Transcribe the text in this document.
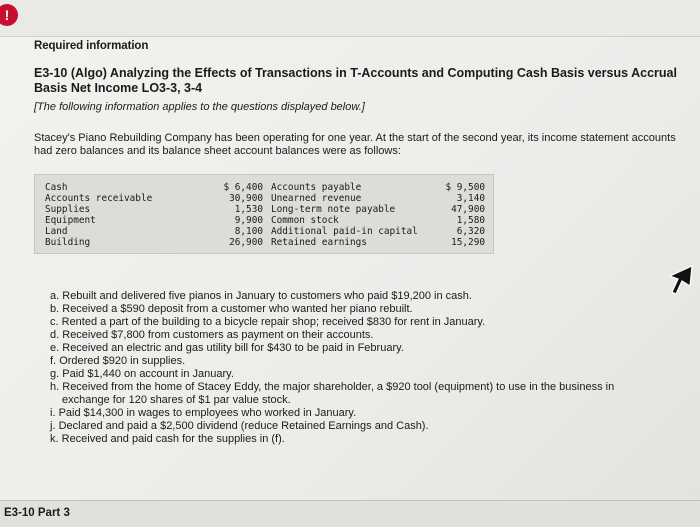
!
Required information
E3-10 (Algo) Analyzing the Effects of Transactions in T-Accounts and Computing Cash Basis versus Accrual Basis Net Income LO3-3, 3-4
[The following information applies to the questions displayed below.]
Stacey's Piano Rebuilding Company has been operating for one year. At the start of the second year, its income statement accounts had zero balances and its balance sheet account balances were as follows:
Cash
Accounts receivable
Supplies
Equipment
Land
Building
$ 6,400
30,900
1,530
9,900
8,100
26,900
Accounts payable
Unearned revenue
Long-term note payable
Common stock
Additional paid-in capital
Retained earnings
$ 9,500
3,140
47,900
1,580
6,320
15,290
a. Rebuilt and delivered five pianos in January to customers who paid $19,200 in cash.
b. Received a $590 deposit from a customer who wanted her piano rebuilt.
c. Rented a part of the building to a bicycle repair shop; received $830 for rent in January.
d. Received $7,800 from customers as payment on their accounts.
e. Received an electric and gas utility bill for $430 to be paid in February.
f. Ordered $920 in supplies.
g. Paid $1,440 on account in January.
h. Received from the home of Stacey Eddy, the major shareholder, a $920 tool (equipment) to use in the business in
exchange for 120 shares of $1 par value stock.
i. Paid $14,300 in wages to employees who worked in January.
j. Declared and paid a $2,500 dividend (reduce Retained Earnings and Cash).
k. Received and paid cash for the supplies in (f).
E3-10 Part 3
